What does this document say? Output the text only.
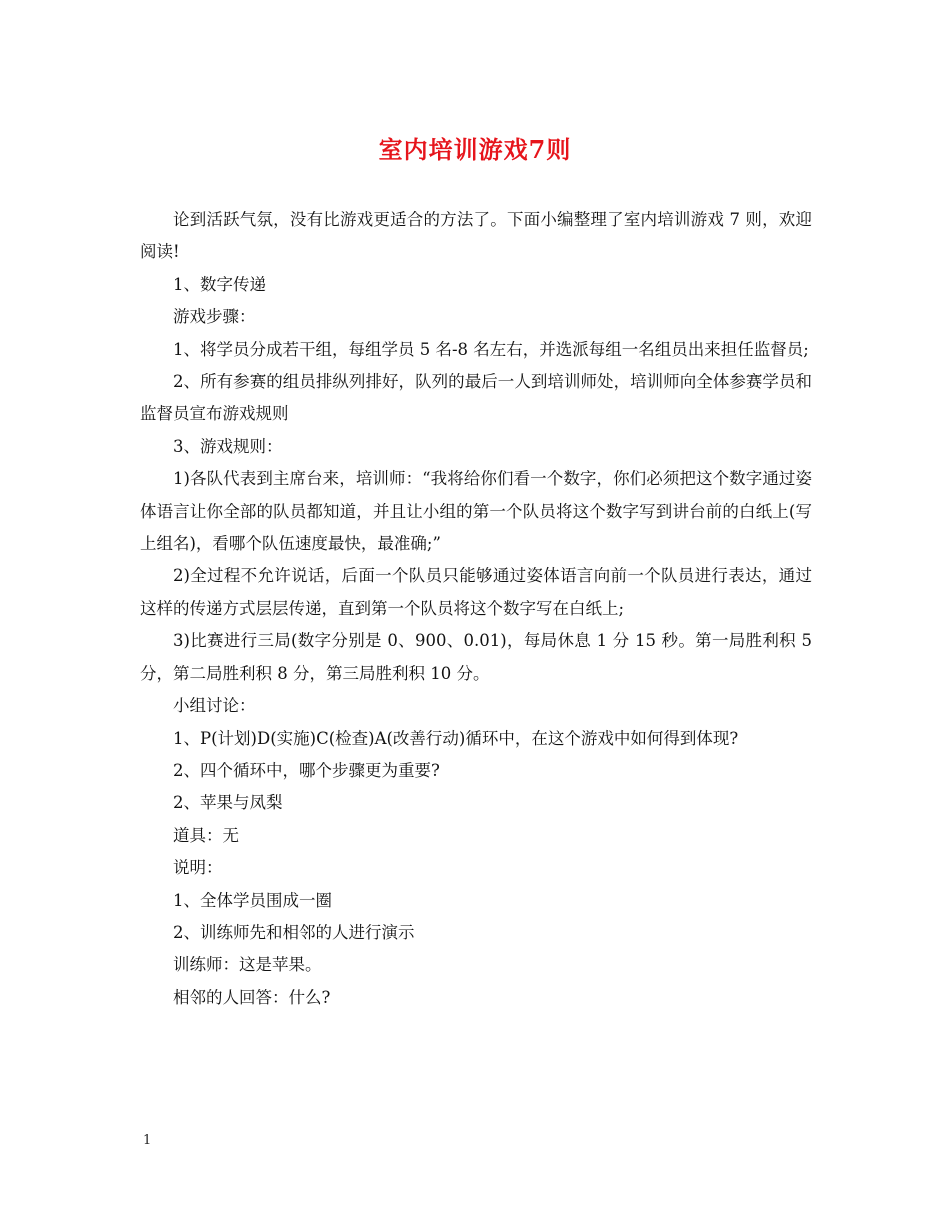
室内培训游戏7则

论到活跃气氛，没有比游戏更适合的方法了。下面小编整理了室内培训游戏 7 则，欢迎阅读!

1、数字传递

游戏步骤：

1、将学员分成若干组，每组学员 5 名-8 名左右，并选派每组一名组员出来担任监督员;

2、所有参赛的组员排纵列排好，队列的最后一人到培训师处，培训师向全体参赛学员和监督员宣布游戏规则

3、游戏规则：

1)各队代表到主席台来，培训师：“我将给你们看一个数字，你们必须把这个数字通过姿体语言让你全部的队员都知道，并且让小组的第一个队员将这个数字写到讲台前的白纸上(写上组名)，看哪个队伍速度最快，最准确;”

2)全过程不允许说话，后面一个队员只能够通过姿体语言向前一个队员进行表达，通过这样的传递方式层层传递，直到第一个队员将这个数字写在白纸上;

3)比赛进行三局(数字分别是 0、900、0.01)，每局休息 1 分 15 秒。第一局胜利积 5 分，第二局胜利积 8 分，第三局胜利积 10 分。

小组讨论：

1、P(计划)D(实施)C(检查)A(改善行动)循环中，在这个游戏中如何得到体现?

2、四个循环中，哪个步骤更为重要?

2、苹果与凤梨

道具：无

说明：

1、全体学员围成一圈

2、训练师先和相邻的人进行演示

训练师：这是苹果。

相邻的人回答：什么?

1
